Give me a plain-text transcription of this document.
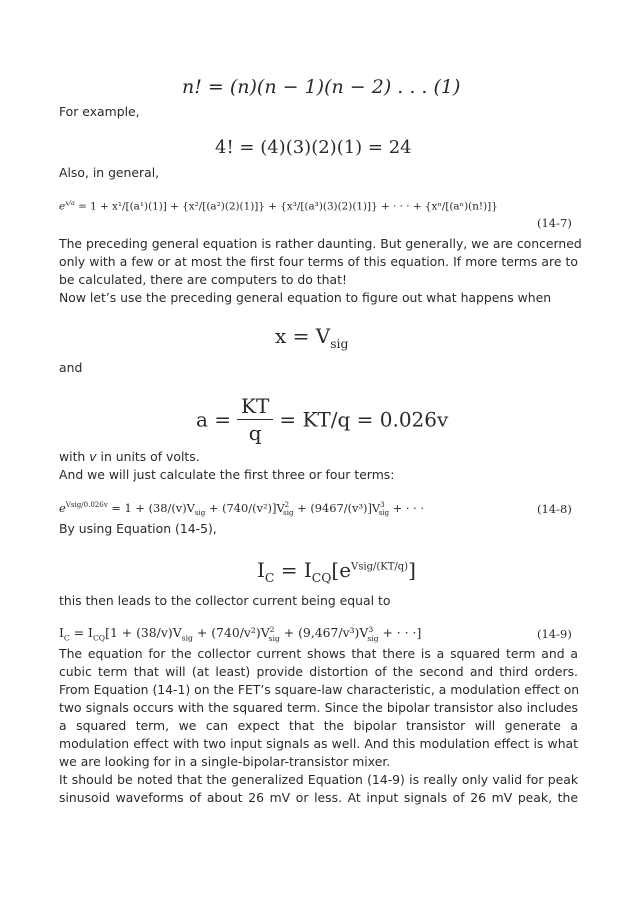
n! = (n)(n − 1)(n − 2) . . . (1)
For example,
4! = (4)(3)(2)(1) = 24
Also, in general,
$e^{x/a} = 1 + x^1/[(a^1)(1)] + \{x^2/[(a^2)(2)(1)]\} + \{x^3/[(a^3)(3)(2)(1)]\}$ + · · · + {xⁿ/[(aⁿ)(n!)]}
(14-7)
The preceding general equation is rather daunting. But generally, we are concerned
only with a few or at most the first four terms of this equation. If more terms are to
be calculated, there are computers to do that!
Now let’s use the preceding general equation to figure out what happens when
$x = V_{sig}$
and
$a = \frac{KT}{q} = KT/q = 0.026v$
with v in units of volts.
And we will just calculate the first three or four terms:
$e^{Vsig/0.026v} = 1 + (38/(v)V_{sig} + (740/(v^2)]V^2_{sig} + (9467/(v^3)]V^3_{sig}$ + · · ·	(14-8)
By using Equation (14-5),
$I_C = I_{CQ}[e^{Vsig/(KT/q)}]$
this then leads to the collector current being equal to
$I_C = I_{CQ}[1 + (38/v)V_{sig} + (740/v^2)V^2_{sig} + (9,467/v^3)V^3_{sig}$ + · · ·]	(14-9)
The equation for the collector current shows that there is a squared term and a
cubic term that will (at least) provide distortion of the second and third orders.
From Equation (14-1) on the FET’s square-law characteristic, a modulation effect on
two signals occurs with the squared term. Since the bipolar transistor also includes
a squared term, we can expect that the bipolar transistor will generate a
modulation effect with two input signals as well. And this modulation effect is what
we are looking for in a single-bipolar-transistor mixer.
It should be noted that the generalized Equation (14-9) is really only valid for peak
sinusoid waveforms of about 26 mV or less. At input signals of 26 mV peak, the
